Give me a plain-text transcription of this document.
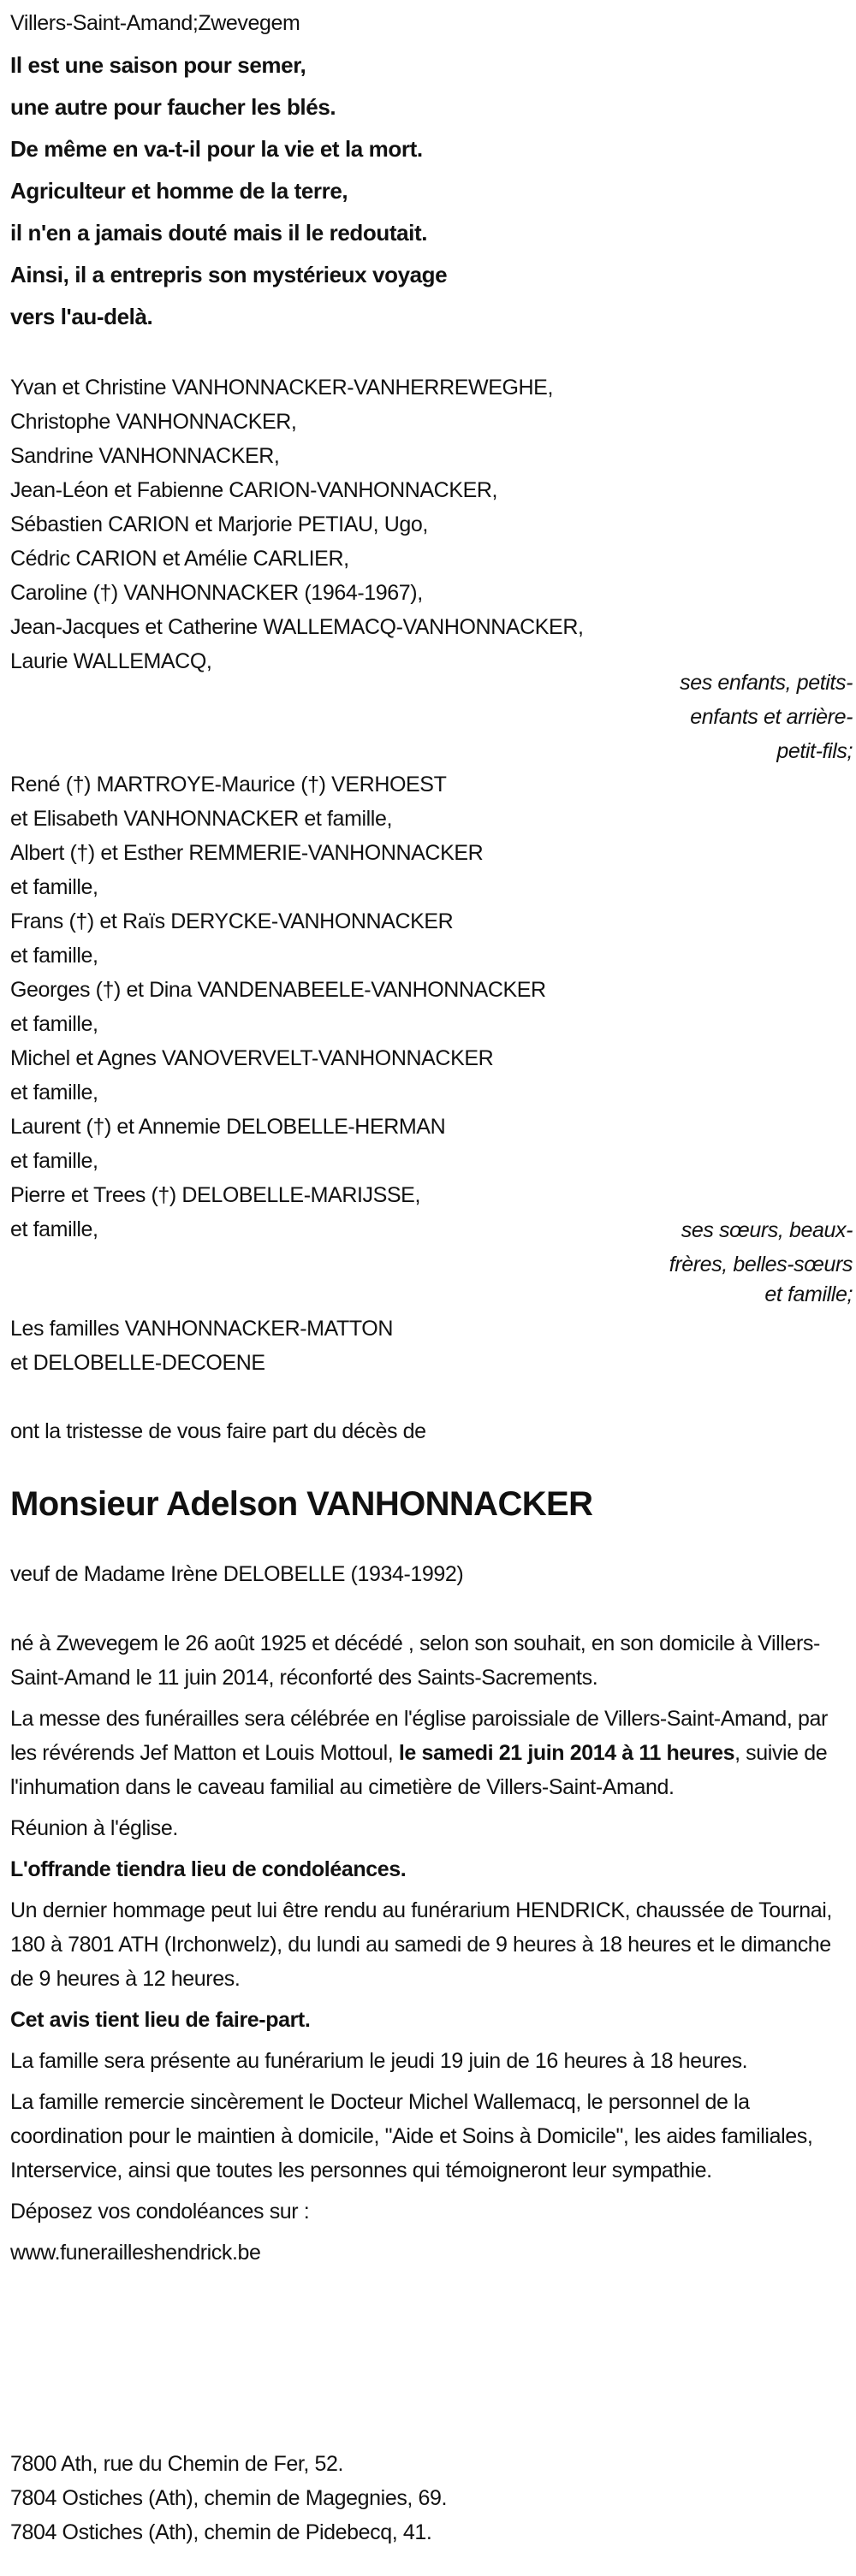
Villers-Saint-Amand;Zwevegem
Il est une saison pour semer,
une autre pour faucher les blés.
De même en va-t-il pour la vie et la mort.
Agriculteur et homme de la terre,
il n'en a jamais douté mais il le redoutait.
Ainsi, il a entrepris son mystérieux voyage
vers l'au-delà.
Yvan et Christine VANHONNACKER-VANHERREWEGHE,
Christophe VANHONNACKER,
Sandrine VANHONNACKER,
Jean-Léon et Fabienne CARION-VANHONNACKER,
Sébastien CARION et Marjorie PETIAU, Ugo,
Cédric CARION et Amélie CARLIER,
Caroline (†) VANHONNACKER (1964-1967),
Jean-Jacques et Catherine WALLEMACQ-VANHONNACKER,
Laurie WALLEMACQ,
ses enfants, petits-
enfants et arrière-
petit-fils;
René (†) MARTROYE-Maurice (†) VERHOEST
et Elisabeth VANHONNACKER et famille,
Albert (†) et Esther REMMERIE-VANHONNACKER
et famille,
Frans (†) et Raïs DERYCKE-VANHONNACKER
et famille,
Georges (†) et Dina VANDENABEELE-VANHONNACKER
et famille,
Michel et Agnes VANOVERVELT-VANHONNACKER
et famille,
Laurent (†) et Annemie DELOBELLE-HERMAN
et famille,
Pierre et Trees (†) DELOBELLE-MARIJSSE,
et famille,	ses sœurs, beaux-
frères, belles-sœurs
et famille;
Les familles VANHONNACKER-MATTON
et DELOBELLE-DECOENE
ont la tristesse de vous faire part du décès de
Monsieur Adelson VANHONNACKER
veuf de Madame Irène DELOBELLE (1934-1992)

né à Zwevegem le 26 août 1925 et décédé , selon son souhait, en son domicile à Villers-Saint-Amand le 11 juin 2014, réconforté des Saints-Sacrements.

La messe des funérailles sera célébrée en l'église paroissiale de Villers-Saint-Amand, par les révérends Jef Matton et Louis Mottoul, le samedi 21 juin 2014 à 11 heures, suivie de l'inhumation dans le caveau familial au cimetière de Villers-Saint-Amand.

Réunion à l'église.

L'offrande tiendra lieu de condoléances.

Un dernier hommage peut lui être rendu au funérarium HENDRICK, chaussée de Tournai, 180 à 7801 ATH (Irchonwelz), du lundi au samedi de 9 heures à 18 heures et le dimanche de 9 heures à 12 heures.

Cet avis tient lieu de faire-part.

La famille sera présente au funérarium le jeudi 19 juin de 16 heures à 18 heures.

La famille remercie sincèrement le Docteur Michel Wallemacq, le personnel de la coordination pour le maintien à domicile, "Aide et Soins à Domicile", les aides familiales, Interservice, ainsi que toutes les personnes qui témoigneront leur sympathie.

Déposez vos condoléances sur :

www.funerailleshendrick.be

7800 Ath, rue du Chemin de Fer, 52.
7804 Ostiches (Ath), chemin de Magegnies, 69.
7804 Ostiches (Ath), chemin de Pidebecq, 41.
